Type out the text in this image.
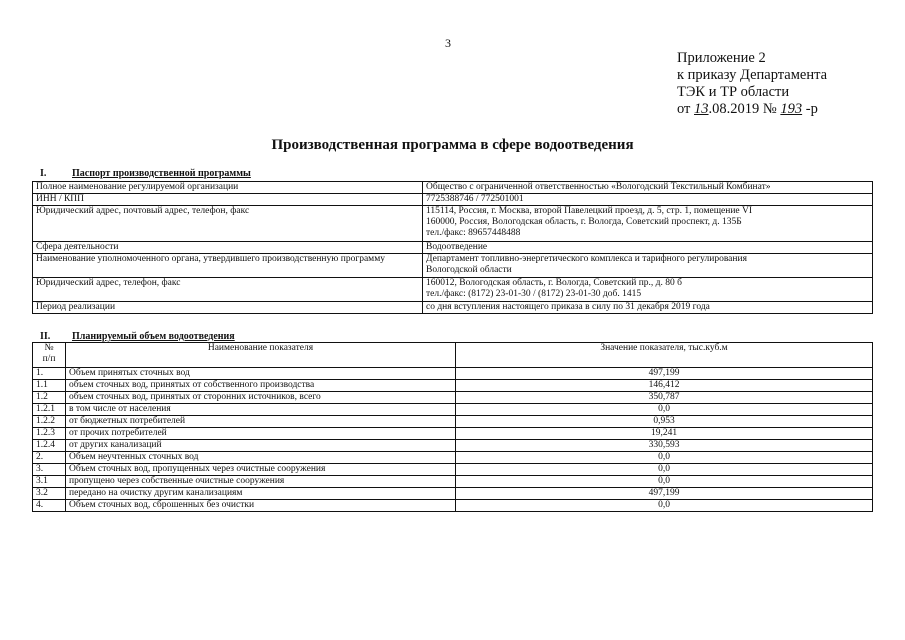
3
Приложение 2
к приказу Департамента
ТЭК и ТР области
от 13.08.2019 № 193 -р
Производственная программа в сфере водоотведения
I.	Паспорт производственной программы
Полное наименование регулируемой организации	Общество с ограниченной ответственностью «Вологодский Текстильный Комбинат»

ИНН / КПП	7725388746 / 772501001

Юридический адрес, почтовый адрес, телефон, факс	115114, Россия, г. Москва, второй Павелецкий проезд, д. 5, стр. 1, помещение VI
160000, Россия, Вологодская область, г. Вологда, Советский проспект, д. 135Б
тел./факс: 89657448488

Сфера деятельности	Водоотведение

Наименование уполномоченного органа, утвердившего производственную программу	Департамент топливно-энергетического комплекса и тарифного регулирования
Вологодской области

Юридический адрес, телефон, факс	160012, Вологодская область, г. Вологда, Советский пр., д. 80 б
тел./факс: (8172) 23-01-30 / (8172) 23-01-30 доб. 1415

Период реализации	со дня вступления настоящего приказа в силу по 31 декабря 2019 года
II. Планируемый объем водоотведения
№
п/п	Наименование показателя	Значение показателя, тыс.куб.м
1.	Объем принятых сточных вод	497,199
1.1	объем сточных вод, принятых от собственного производства	146,412
1.2	объем сточных вод, принятых от сторонних источников, всего	350,787
1.2.1	в том числе от населения	0,0
1.2.2	от бюджетных потребителей	0,953
1.2.3	от прочих потребителей	19,241
1.2.4	от других канализаций	330,593
2.	Объем неучтенных сточных вод	0,0
3.	Объем сточных вод, пропущенных через очистные сооружения	0,0
3.1	пропущено через собственные очистные сооружения	0,0
3.2	передано на очистку другим канализациям	497,199
4.	Объем сточных вод, сброшенных без очистки	0,0
